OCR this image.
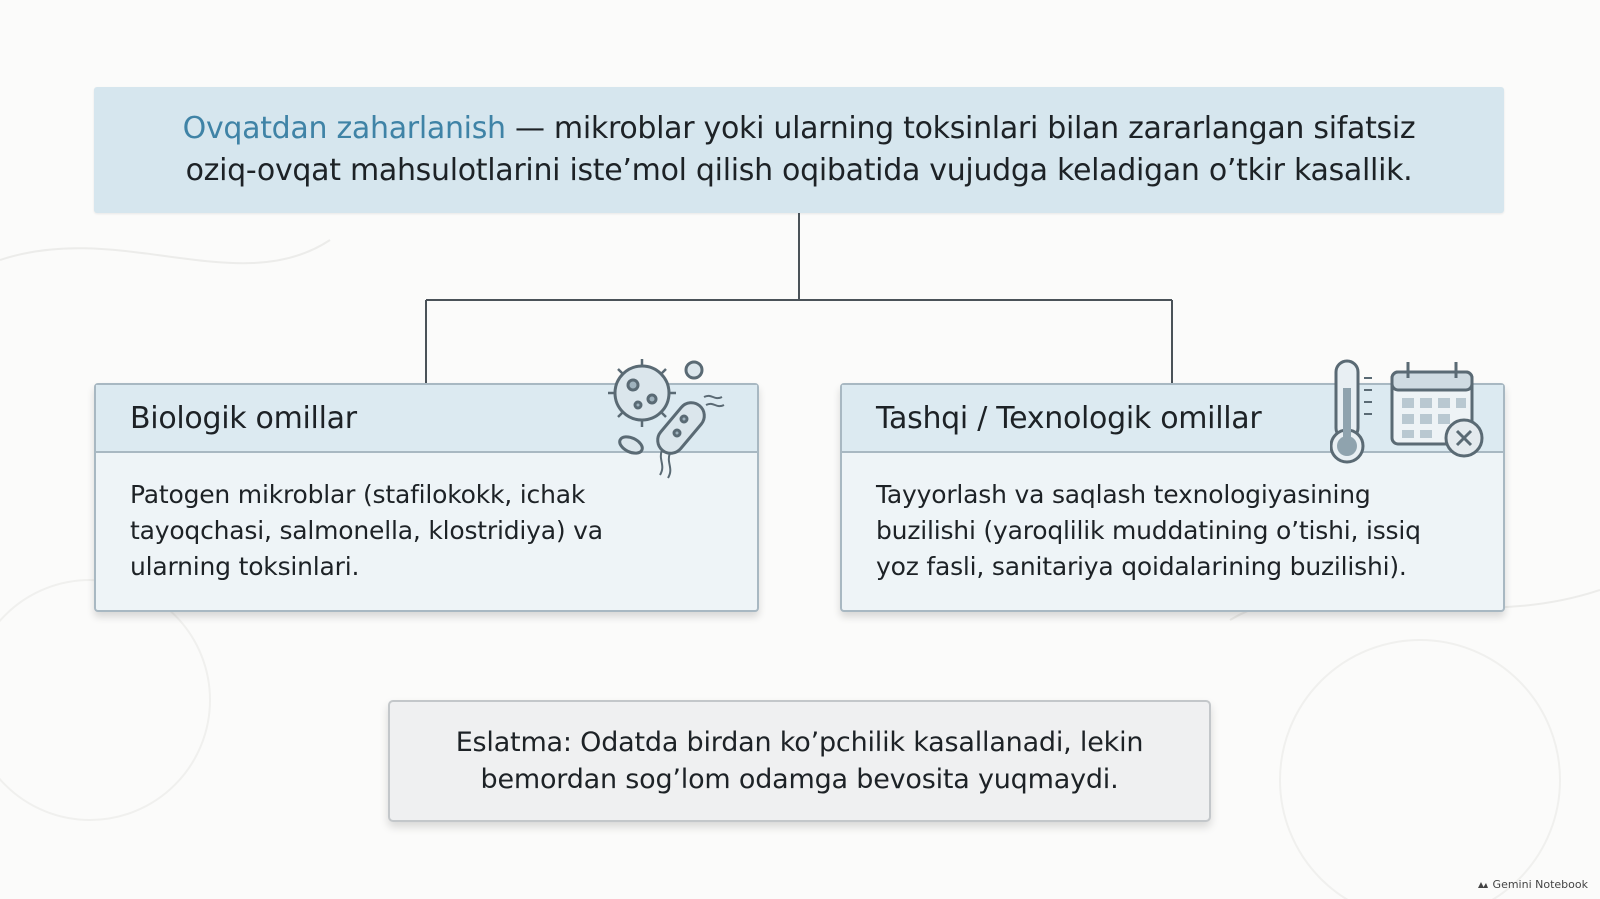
Ovqatdan zaharlanish — mikroblar yoki ularning toksinlari bilan zararlangan sifatsiz
oziq-ovqat mahsulotlarini iste’mol qilish oqibatida vujudga keladigan o’tkir kasallik.

Biologik omillar
Patogen mikroblar (stafilokokk, ichak
tayoqchasi, salmonella, klostridiya) va
ularning toksinlari.
Tashqi / Texnologik omillar
Tayyorlash va saqlash texnologiyasining
buzilishi (yaroqlilik muddatining o’tishi, issiq
yoz fasli, sanitariya qoidalarining buzilishi).

Eslatma: Odatda birdan ko’pchilik kasallanadi, lekin
bemordan sog’lom odamga bevosita yuqmaydi.

Gemini Notebook
